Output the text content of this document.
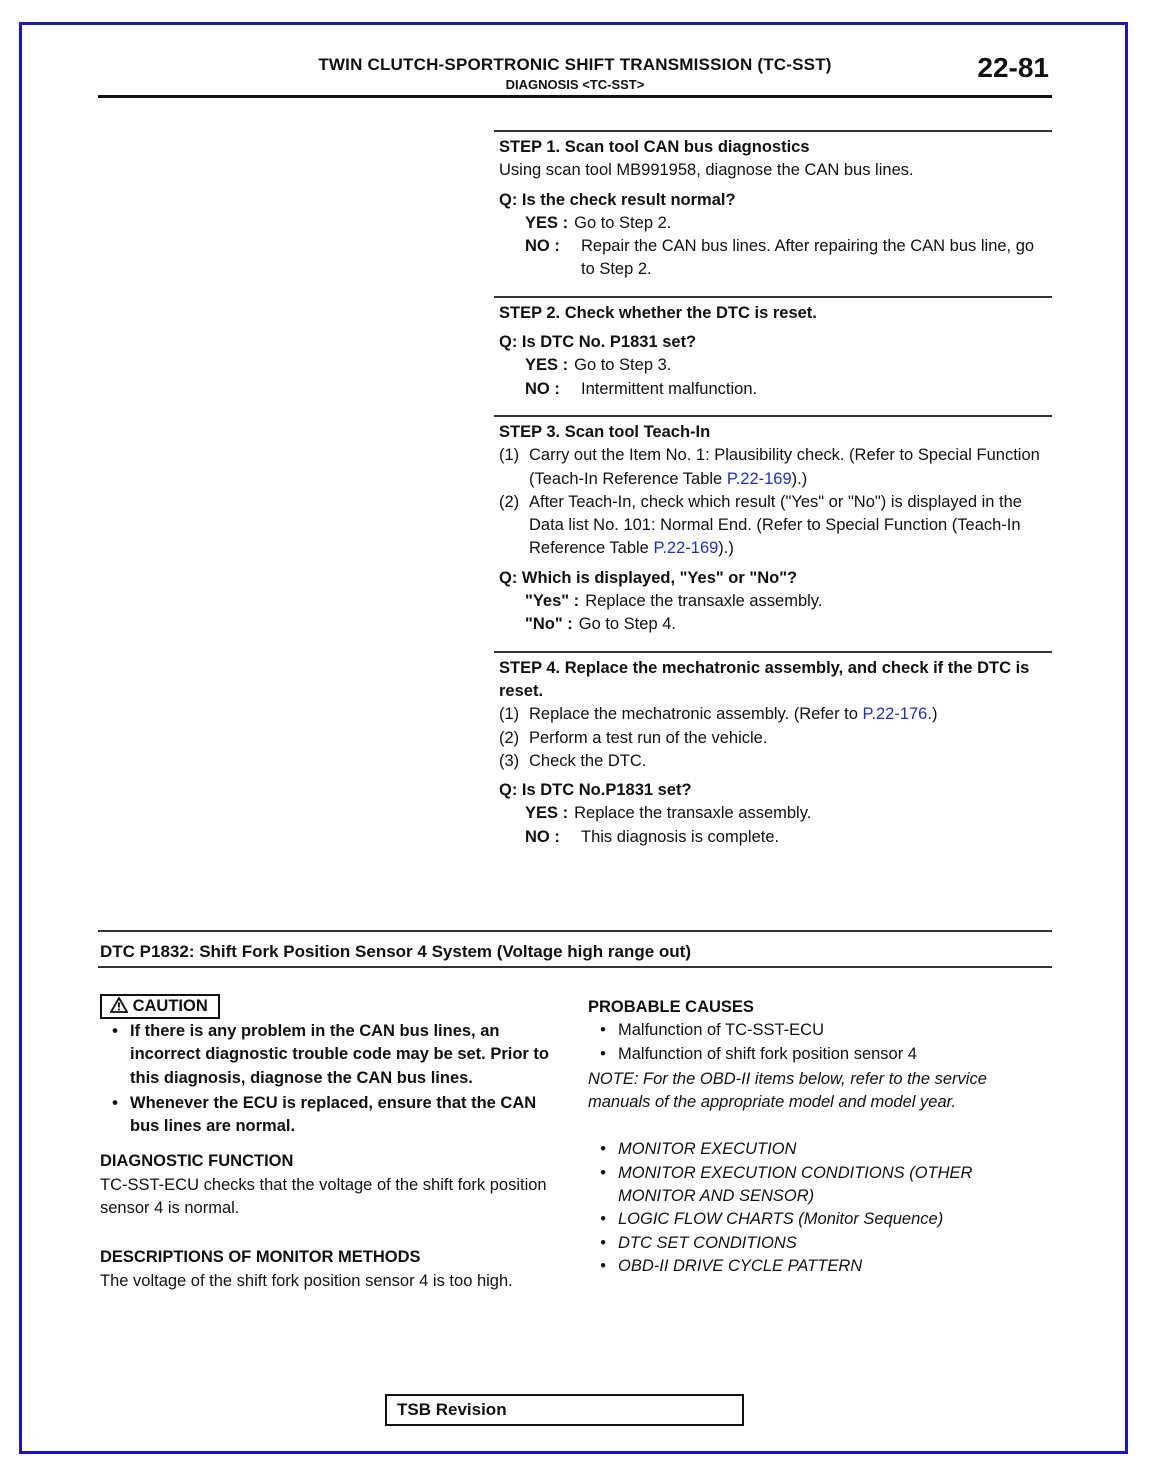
TWIN CLUTCH-SPORTRONIC SHIFT TRANSMISSION (TC-SST)
DIAGNOSIS <TC-SST>
22-81
STEP 1. Scan tool CAN bus diagnostics
Using scan tool MB991958, diagnose the CAN bus lines.
Q: Is the check result normal?
YES : Go to Step 2.
NO :	Repair the CAN bus lines. After repairing the CAN bus line, go to Step 2.
STEP 2. Check whether the DTC is reset.
Q: Is DTC No. P1831 set?
YES : Go to Step 3.
NO :	Intermittent malfunction.
STEP 3. Scan tool Teach-In
(1) Carry out the Item No. 1: Plausibility check. (Refer to Special Function (Teach-In Reference Table P.22-169).)
(2) After Teach-In, check which result ("Yes" or "No") is displayed in the Data list No. 101: Normal End. (Refer to Special Function (Teach-In Reference Table P.22-169).)
Q: Which is displayed, "Yes" or "No"?
"Yes" : Replace the transaxle assembly.
"No" : Go to Step 4.
STEP 4. Replace the mechatronic assembly, and check if the DTC is reset.
(1) Replace the mechatronic assembly. (Refer to P.22-176.)
(2) Perform a test run of the vehicle.
(3) Check the DTC.
Q: Is DTC No.P1831 set?
YES : Replace the transaxle assembly.
NO :	This diagnosis is complete.
DTC P1832: Shift Fork Position Sensor 4 System (Voltage high range out)
CAUTION
• If there is any problem in the CAN bus lines, an incorrect diagnostic trouble code may be set. Prior to this diagnosis, diagnose the CAN bus lines.
• Whenever the ECU is replaced, ensure that the CAN bus lines are normal.
DIAGNOSTIC FUNCTION
TC-SST-ECU checks that the voltage of the shift fork position sensor 4 is normal.
DESCRIPTIONS OF MONITOR METHODS
The voltage of the shift fork position sensor 4 is too high.
PROBABLE CAUSES
• Malfunction of TC-SST-ECU
• Malfunction of shift fork position sensor 4
NOTE: For the OBD-II items below, refer to the service manuals of the appropriate model and model year.
• MONITOR EXECUTION
• MONITOR EXECUTION CONDITIONS (OTHER MONITOR AND SENSOR)
• LOGIC FLOW CHARTS (Monitor Sequence)
• DTC SET CONDITIONS
• OBD-II DRIVE CYCLE PATTERN
TSB Revision
